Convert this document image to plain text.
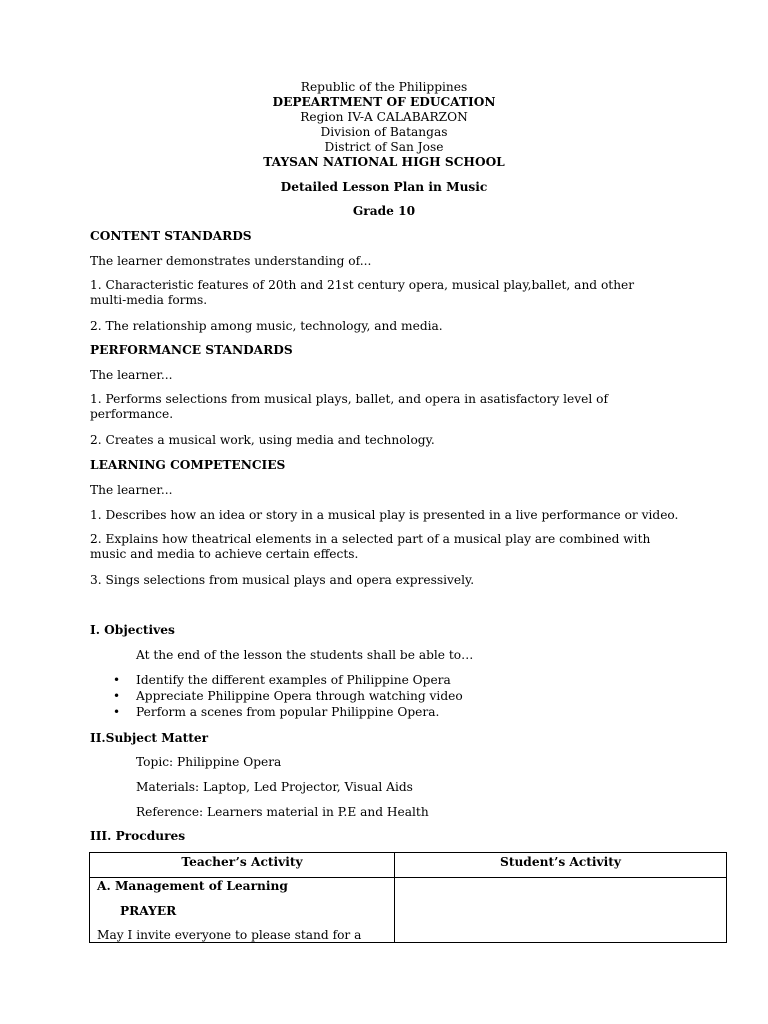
Republic of the Philippines
DEPEARTMENT OF EDUCATION
Region IV-A CALABARZON
Division of Batangas
District of San Jose
TAYSAN NATIONAL HIGH SCHOOL
Detailed Lesson Plan in Music
Grade 10
CONTENT STANDARDS
The learner demonstrates understanding of...
1. Characteristic features of 20th and 21st century opera, musical play,ballet, and other multi-media forms.
2. The relationship among music, technology, and media.
PERFORMANCE STANDARDS
The learner...
1. Performs selections from musical plays, ballet, and opera in asatisfactory level of performance.
2. Creates a musical work, using media and technology.
LEARNING COMPETENCIES
The learner...
1. Describes how an idea or story in a musical play is presented in a live performance or video.
2. Explains how theatrical elements in a selected part of a musical play are combined with music and media to achieve certain effects.
3. Sings selections from musical plays and opera expressively.
I. Objectives
At the end of the lesson the students shall be able to…
• Identify the different examples of Philippine Opera
• Appreciate Philippine Opera through watching video
• Perform a scenes from popular Philippine Opera.
II.Subject Matter
Topic: Philippine Opera
Materials: Laptop, Led Projector, Visual Aids
Reference: Learners material in P.E and Health
III. Procdures
Teacher’s Activity	Student’s Activity

A. Management of Learning
PRAYER
May I invite everyone to please stand for a	
